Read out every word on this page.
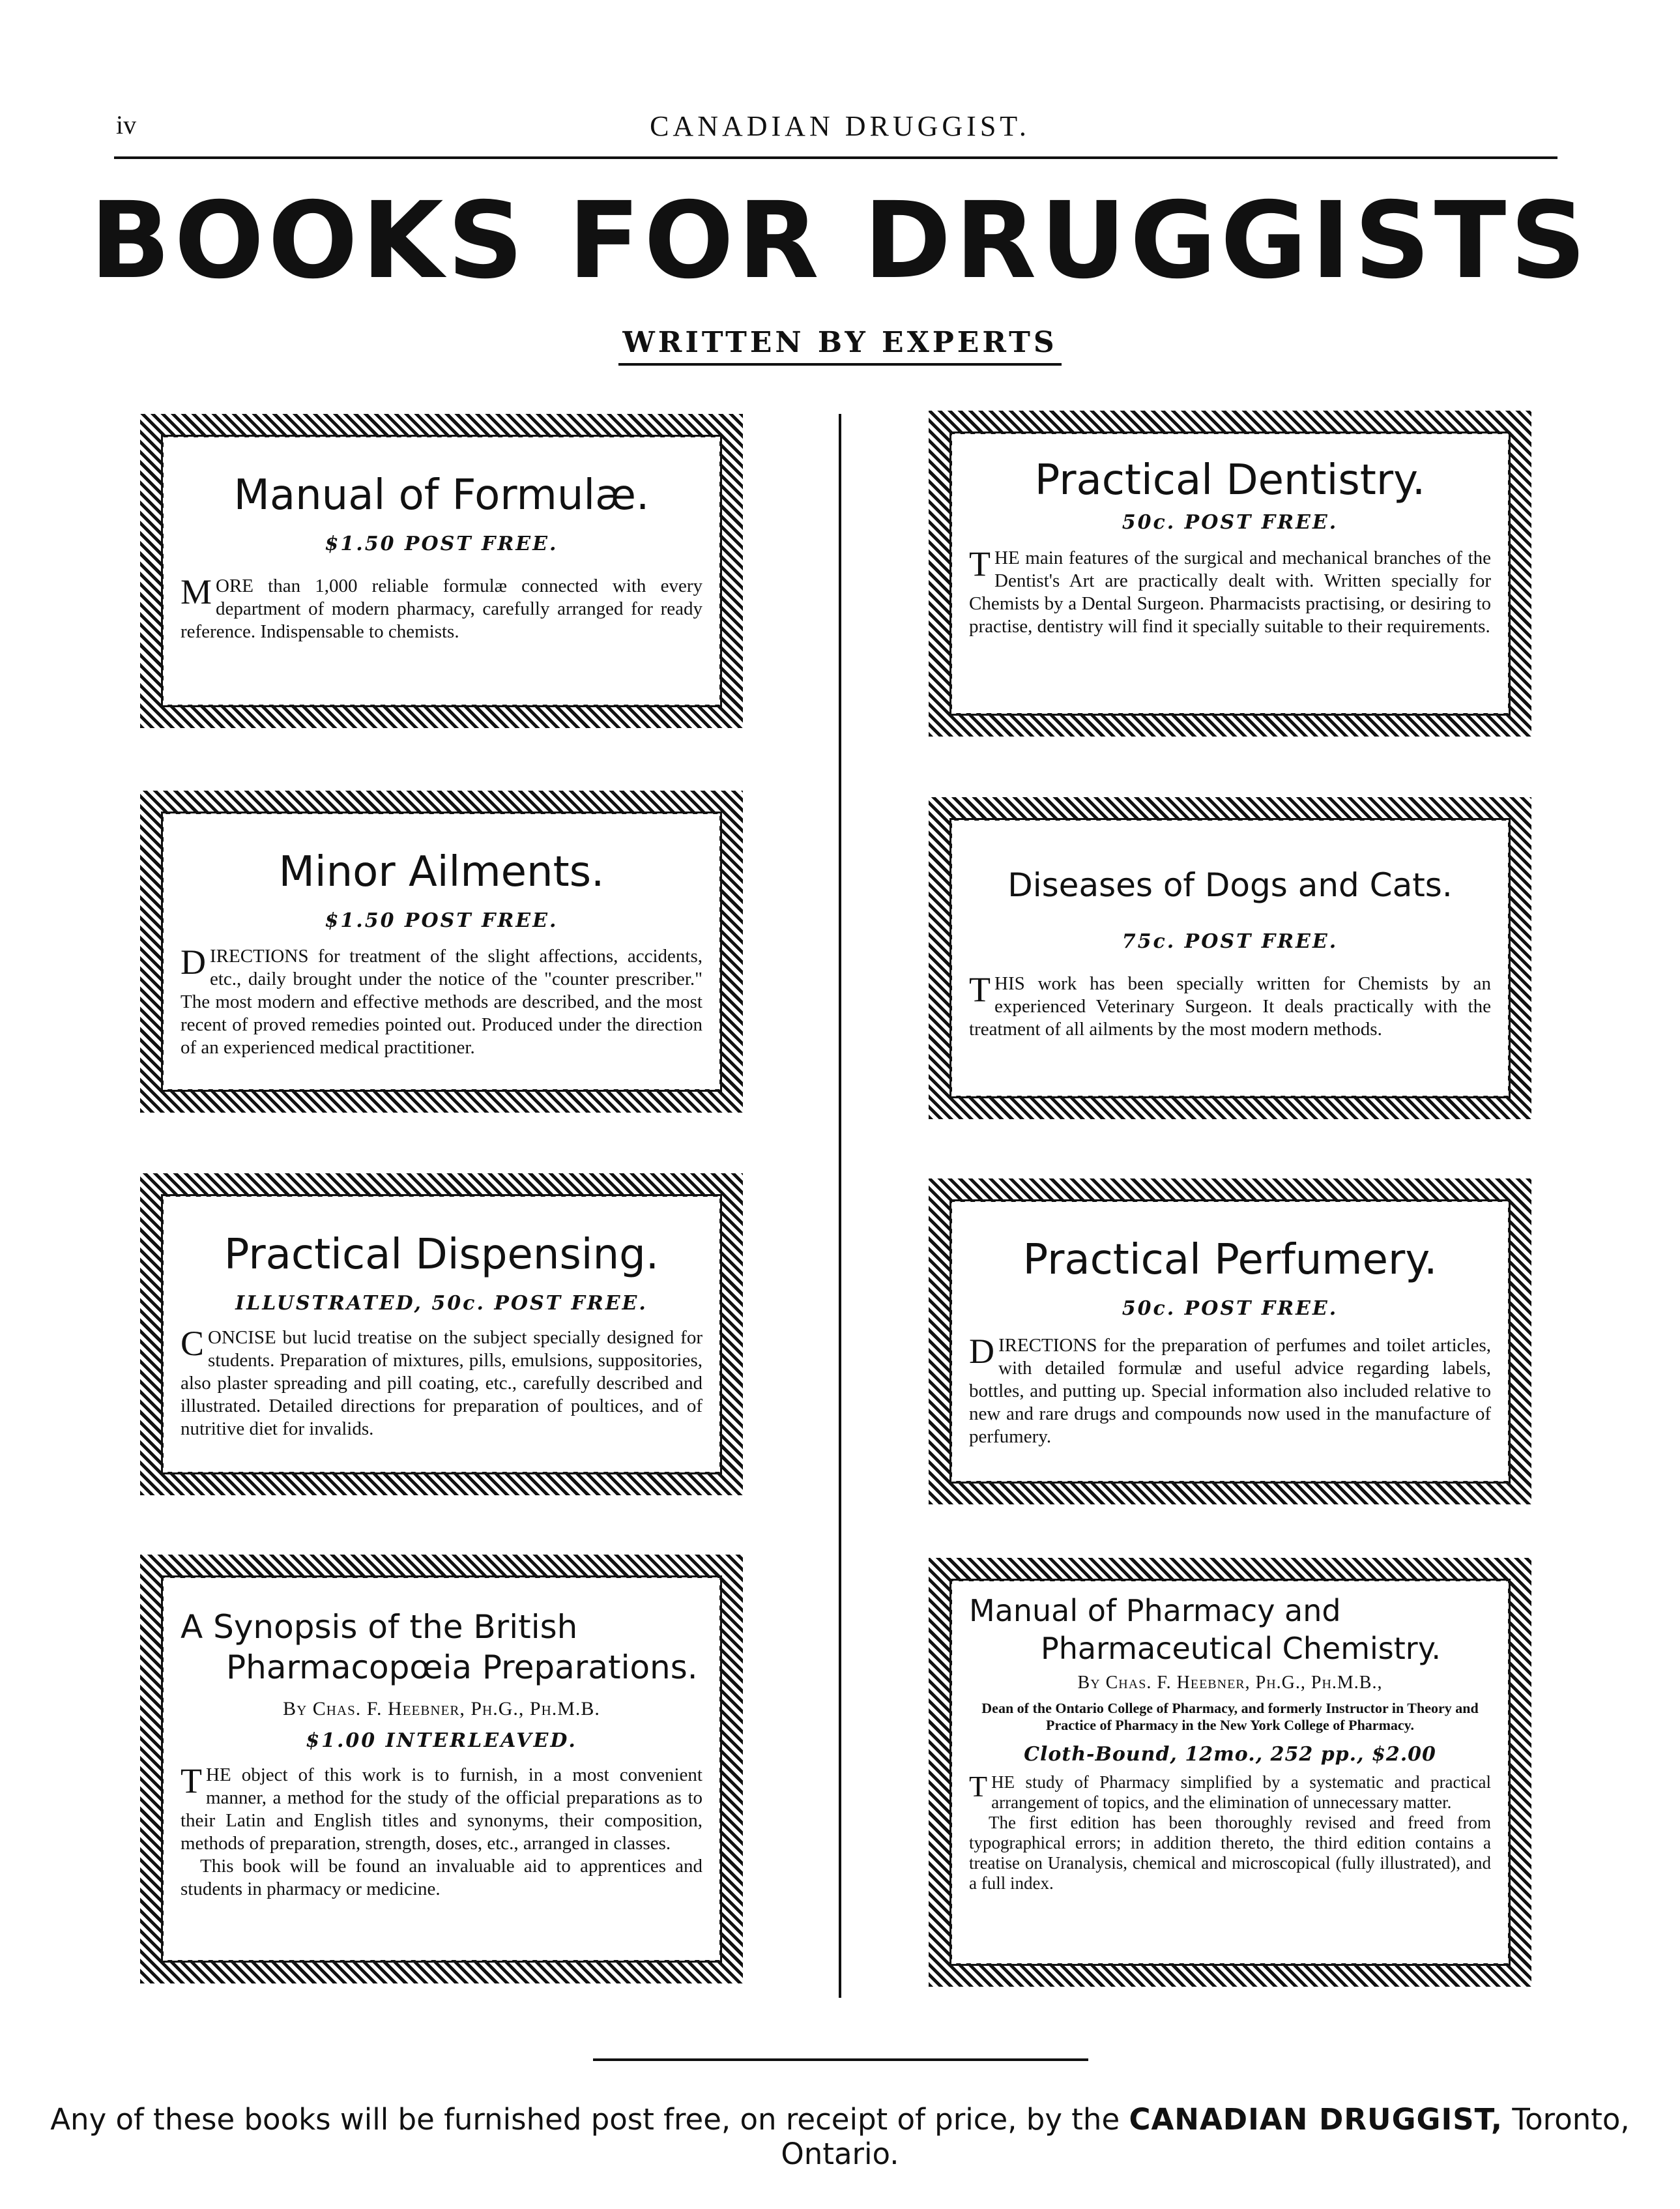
iv	CANADIAN DRUGGIST.
BOOKS FOR DRUGGISTS
WRITTEN BY EXPERTS
Manual of Formulæ.
$1.50 POST FREE.
MORE than 1,000 reliable formulæ connected with every department of modern pharmacy, carefully arranged for ready reference. Indispensable to chemists.
Minor Ailments.
$1.50 POST FREE.
DIRECTIONS for treatment of the slight affections, accidents, etc., daily brought under the notice of the "counter prescriber." The most modern and effective methods are described, and the most recent of proved remedies pointed out. Produced under the direction of an experienced medical practitioner.
Practical Dispensing.
ILLUSTRATED, 50c. POST FREE.
CONCISE but lucid treatise on the subject specially designed for students. Preparation of mixtures, pills, emulsions, suppositories, also plaster spreading and pill coating, etc., carefully described and illustrated. Detailed directions for preparation of poultices, and of nutritive diet for invalids.
A Synopsis of the British
Pharmacopœia Preparations.
By Chas. F. Heebner, Ph.G., Ph.M.B.
$1.00 INTERLEAVED.
THE object of this work is to furnish, in a most convenient manner, a method for the study of the official preparations as to their Latin and English titles and synonyms, their composition, methods of preparation, strength, doses, etc., arranged in classes.
This book will be found an invaluable aid to apprentices and students in pharmacy or medicine.
Practical Dentistry.
50c. POST FREE.
THE main features of the surgical and mechanical branches of the Dentist's Art are practically dealt with. Written specially for Chemists by a Dental Surgeon. Pharmacists practising, or desiring to practise, dentistry will find it specially suitable to their requirements.
Diseases of Dogs and Cats.
75c. POST FREE.
THIS work has been specially written for Chemists by an experienced Veterinary Surgeon. It deals practically with the treatment of all ailments by the most modern methods.
Practical Perfumery.
50c. POST FREE.
DIRECTIONS for the preparation of perfumes and toilet articles, with detailed formulæ and useful advice regarding labels, bottles, and putting up. Special information also included relative to new and rare drugs and compounds now used in the manufacture of perfumery.
Manual of Pharmacy and
Pharmaceutical Chemistry.
By Chas. F. Heebner, Ph.G., Ph.M.B.,
Dean of the Ontario College of Pharmacy, and formerly Instructor in Theory and Practice of Pharmacy in the New York College of Pharmacy.
Cloth-Bound, 12mo., 252 pp., $2.00
THE study of Pharmacy simplified by a systematic and practical arrangement of topics, and the elimination of unnecessary matter.
The first edition has been thoroughly revised and freed from typographical errors; in addition thereto, the third edition contains a treatise on Uranalysis, chemical and microscopical (fully illustrated), and a full index.
Any of these books will be furnished post free, on receipt of price, by the CANADIAN DRUGGIST, Toronto, Ontario.
